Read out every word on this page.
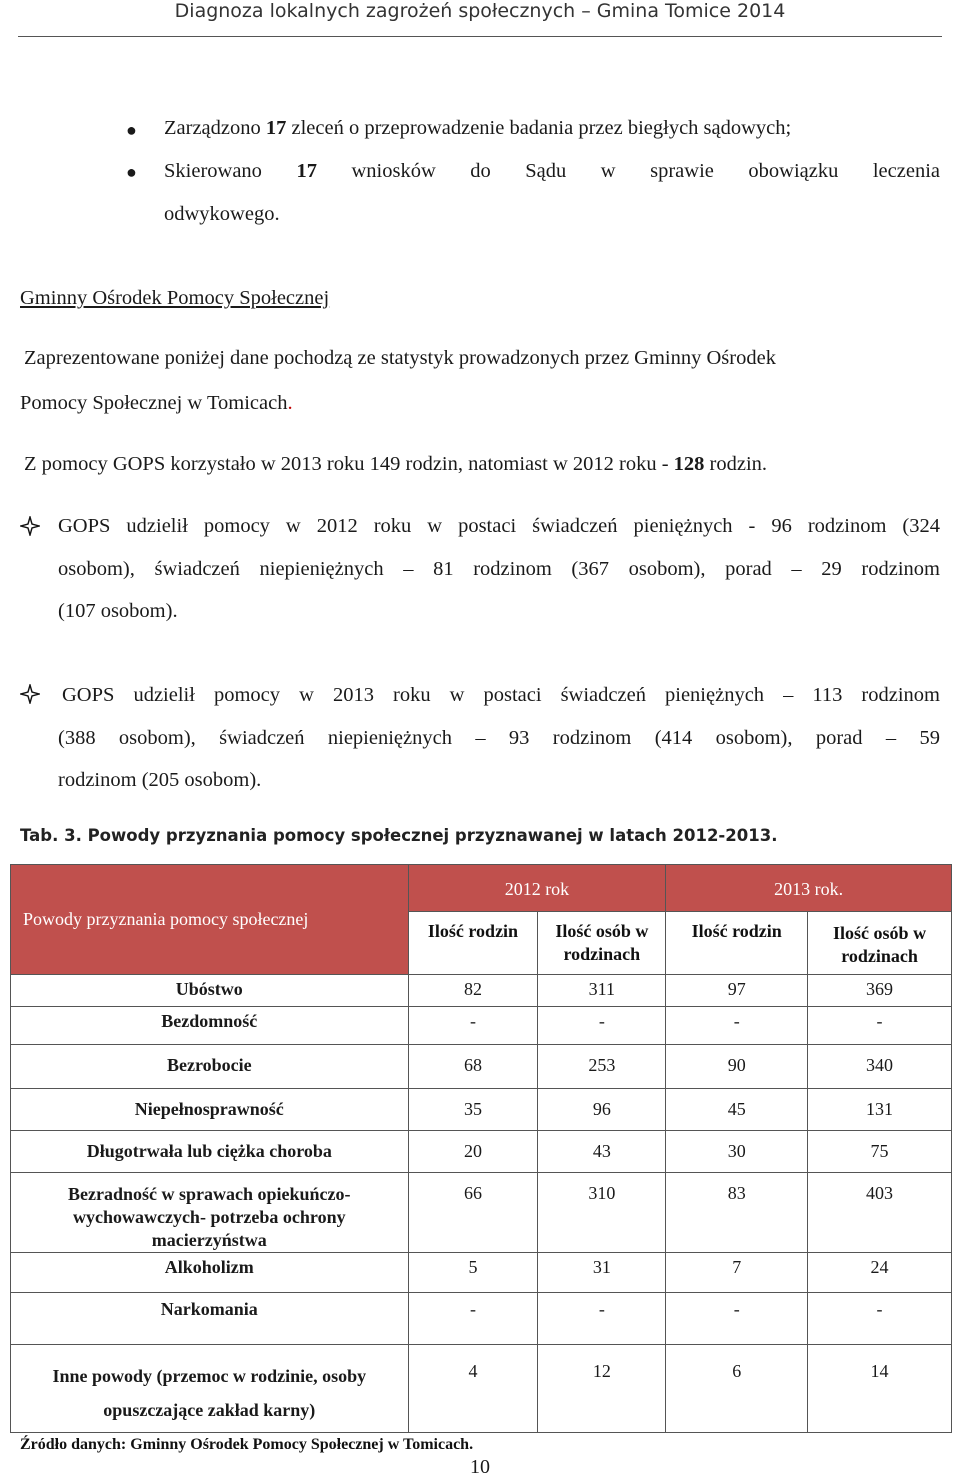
Diagnoza lokalnych zagrożeń społecznych – Gmina Tomice 2014
● Zarządzono 17 zleceń o przeprowadzenie badania przez biegłych sądowych;
● Skierowano 17 wniosków do Sądu w sprawie obowiązku leczenia
odwykowego.
Gminny Ośrodek Pomocy Społecznej
Zaprezentowane poniżej dane pochodzą ze statystyk prowadzonych przez Gminny Ośrodek
Pomocy Społecznej w Tomicach.
Z pomocy GOPS korzystało w 2013 roku 149 rodzin, natomiast w 2012 roku - 128 rodzin.
GOPS udzielił pomocy w 2012 roku w postaci świadczeń pieniężnych - 96 rodzinom (324
osobom), świadczeń niepieniężnych – 81 rodzinom (367 osobom), porad – 29 rodzinom
(107 osobom).
GOPS udzielił pomocy w 2013 roku w postaci świadczeń pieniężnych – 113 rodzinom
(388 osobom), świadczeń niepieniężnych – 93 rodzinom (414 osobom), porad – 59
rodzinom (205 osobom).
Tab. 3. Powody przyznania pomocy społecznej przyznawanej w latach 2012-2013.
Powody przyznania pomocy społecznej	2012 rok		2013 rok.	
	Ilość rodzin	Ilość osób w rodzinach	Ilość rodzin	Ilość osób w rodzinach
Ubóstwo	82	311	97	369
Bezdomność	-	-	-	-
Bezrobocie	68	253	90	340
Niepełnosprawność	35	96	45	131
Długotrwała lub ciężka choroba	20	43	30	75
Bezradność w sprawach opiekuńczo-wychowawczych- potrzeba ochrony macierzyństwa	66	310	83	403
Alkoholizm	5	31	7	24
Narkomania	-	-	-	-
Inne powody (przemoc w rodzinie, osoby opuszczające zakład karny)	4	12	6	14
Źródło danych: Gminny Ośrodek Pomocy Społecznej w Tomicach.
10
